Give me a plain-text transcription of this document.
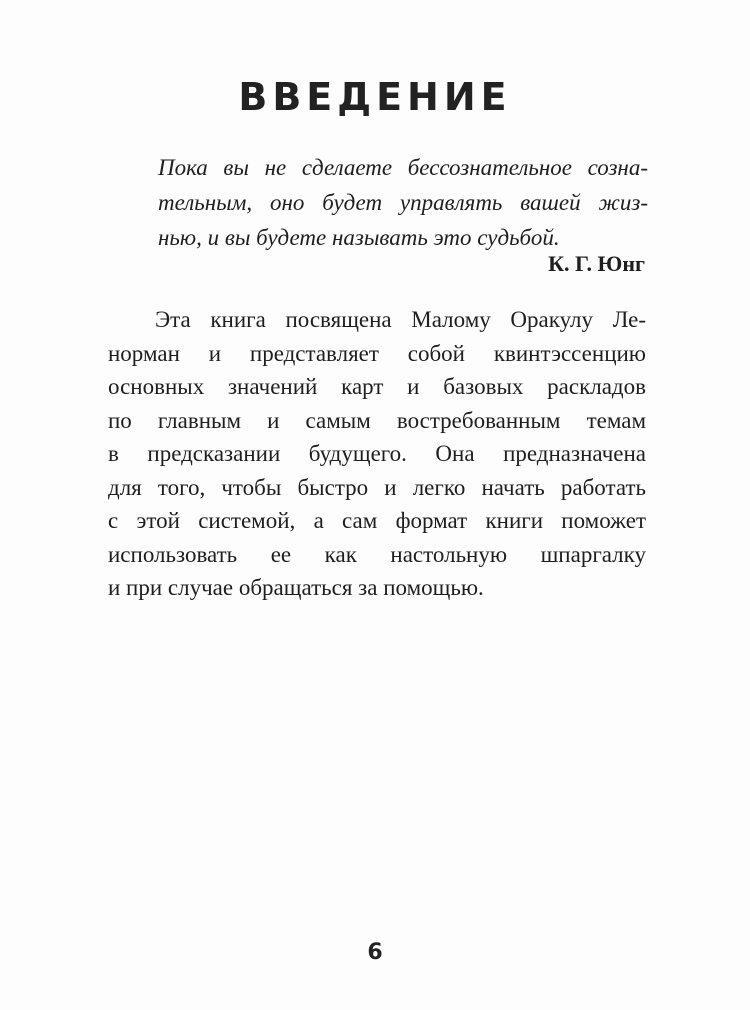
ВВЕДЕНИЕ
Пока вы не сделаете бессознательное созна-
тельным, оно будет управлять вашей жиз-
нью, и вы будете называть это судьбой.
К. Г. Юнг
Эта книга посвящена Малому Оракулу Ле-
норман и представляет собой квинтэссенцию
основных значений карт и базовых раскладов
по главным и самым востребованным темам
в предсказании будущего. Она предназначена
для того, чтобы быстро и легко начать работать
с этой системой, а сам формат книги поможет
использовать ее как настольную шпаргалку
и при случае обращаться за помощью.
6
